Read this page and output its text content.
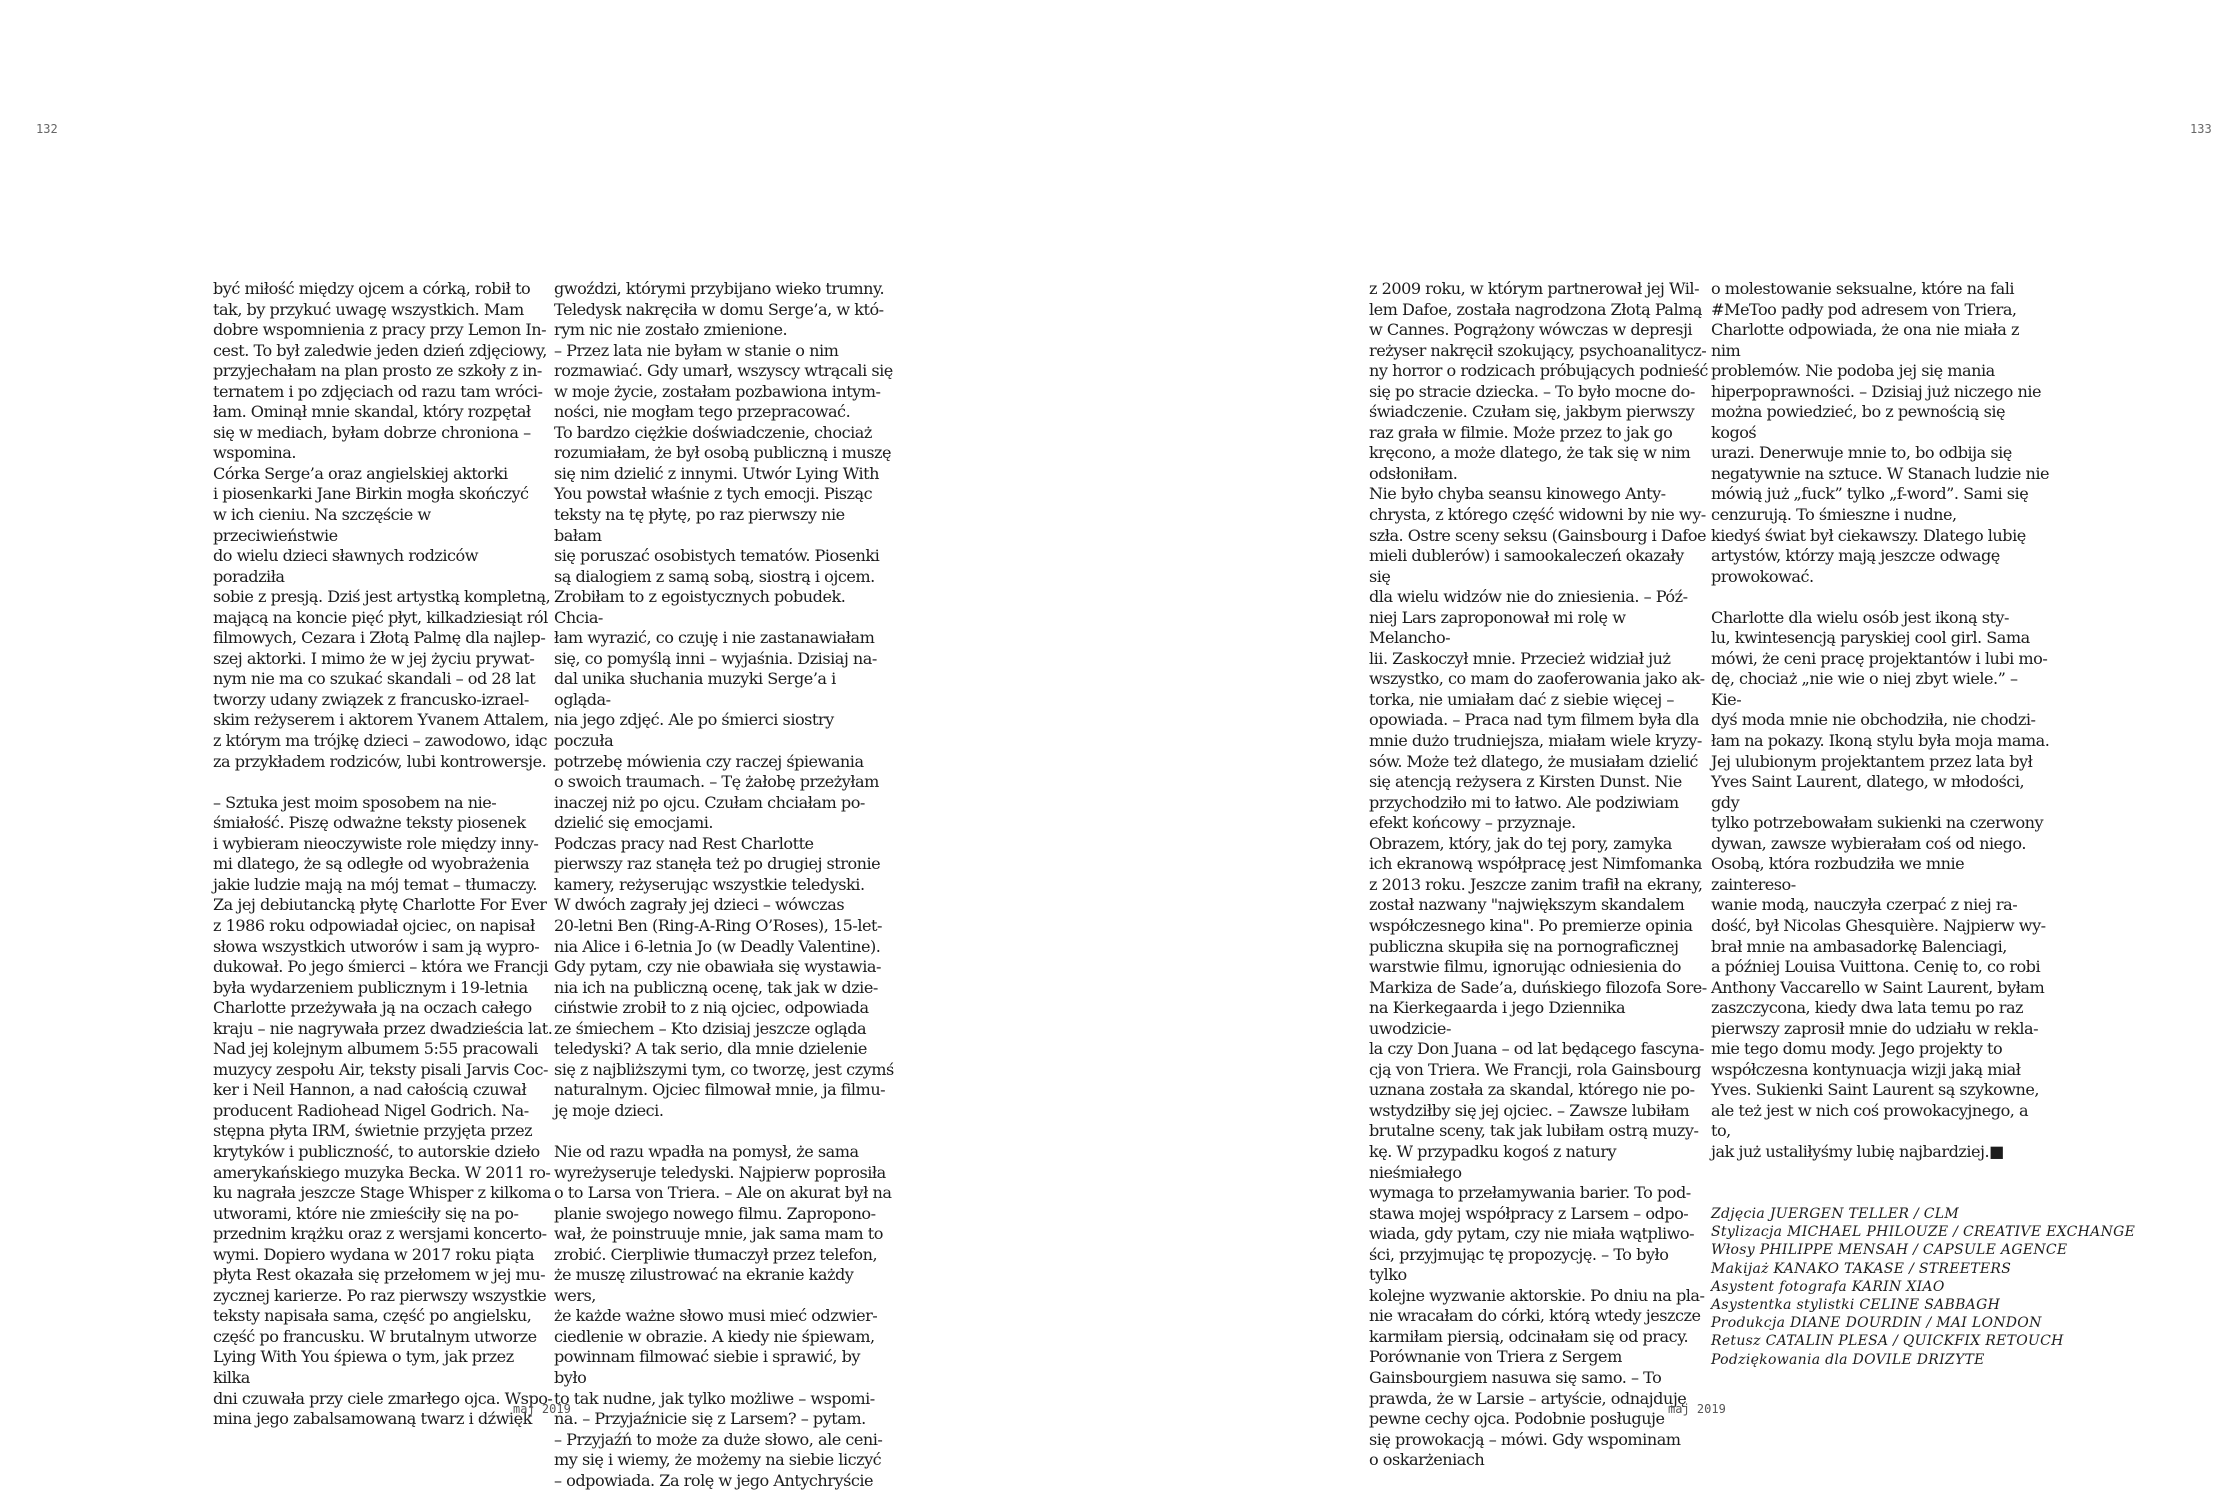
132	133
być miłość między ojcem a córką, robił to
tak, by przykuć uwagę wszystkich. Mam
dobre wspomnienia z pracy przy Lemon In-
cest. To był zaledwie jeden dzień zdjęciowy,
przyjechałam na plan prosto ze szkoły z in-
ternatem i po zdjęciach od razu tam wróci-
łam. Ominął mnie skandal, który rozpętał
się w mediach, byłam dobrze chroniona –
wspomina.
Córka Serge’a oraz angielskiej aktorki
i piosenkarki Jane Birkin mogła skończyć
w ich cieniu. Na szczęście w przeciwieństwie
do wielu dzieci sławnych rodziców poradziła
sobie z presją. Dziś jest artystką kompletną,
mającą na koncie pięć płyt, kilkadziesiąt ról
filmowych, Cezara i Złotą Palmę dla najlep-
szej aktorki. I mimo że w jej życiu prywat-
nym nie ma co szukać skandali – od 28 lat
tworzy udany związek z francusko-izrael-
skim reżyserem i aktorem Yvanem Attalem,
z którym ma trójkę dzieci – zawodowo, idąc
za przykładem rodziców, lubi kontrowersje.

– Sztuka jest moim sposobem na nie-
śmiałość. Piszę odważne teksty piosenek
i wybieram nieoczywiste role między inny-
mi dlatego, że są odległe od wyobrażenia
jakie ludzie mają na mój temat – tłumaczy.
Za jej debiutancką płytę Charlotte For Ever
z 1986 roku odpowiadał ojciec, on napisał
słowa wszystkich utworów i sam ją wypro-
dukował. Po jego śmierci – która we Francji
była wydarzeniem publicznym i 19-letnia
Charlotte przeżywała ją na oczach całego
kraju – nie nagrywała przez dwadzieścia lat.
Nad jej kolejnym albumem 5:55 pracowali
muzycy zespołu Air, teksty pisali Jarvis Coc-
ker i Neil Hannon, a nad całością czuwał
producent Radiohead Nigel Godrich. Na-
stępna płyta IRM, świetnie przyjęta przez
krytyków i publiczność, to autorskie dzieło
amerykańskiego muzyka Becka. W 2011 ro-
ku nagrała jeszcze Stage Whisper z kilkoma
utworami, które nie zmieściły się na po-
przednim krążku oraz z wersjami koncerto-
wymi. Dopiero wydana w 2017 roku piąta
płyta Rest okazała się przełomem w jej mu-
zycznej karierze. Po raz pierwszy wszystkie
teksty napisała sama, część po angielsku,
część po francusku. W brutalnym utworze
Lying With You śpiewa o tym, jak przez kilka
dni czuwała przy ciele zmarłego ojca. Wspo-
mina jego zabalsamowaną twarz i dźwięk
gwoździ, którymi przybijano wieko trumny.
Teledysk nakręciła w domu Serge’a, w któ-
rym nic nie zostało zmienione.
– Przez lata nie byłam w stanie o nim
rozmawiać. Gdy umarł, wszyscy wtrącali się
w moje życie, zostałam pozbawiona intym-
ności, nie mogłam tego przepracować.
To bardzo ciężkie doświadczenie, chociaż
rozumiałam, że był osobą publiczną i muszę
się nim dzielić z innymi. Utwór Lying With
You powstał właśnie z tych emocji. Pisząc
teksty na tę płytę, po raz pierwszy nie bałam
się poruszać osobistych tematów. Piosenki
są dialogiem z samą sobą, siostrą i ojcem.
Zrobiłam to z egoistycznych pobudek. Chcia-
łam wyrazić, co czuję i nie zastanawiałam
się, co pomyślą inni – wyjaśnia. Dzisiaj na-
dal unika słuchania muzyki Serge’a i ogląda-
nia jego zdjęć. Ale po śmierci siostry poczuła
potrzebę mówienia czy raczej śpiewania
o swoich traumach. – Tę żałobę przeżyłam
inaczej niż po ojcu. Czułam chciałam po-
dzielić się emocjami.
Podczas pracy nad Rest Charlotte
pierwszy raz stanęła też po drugiej stronie
kamery, reżyserując wszystkie teledyski.
W dwóch zagrały jej dzieci – wówczas
20-letni Ben (Ring-A-Ring O’Roses), 15-let-
nia Alice i 6-letnia Jo (w Deadly Valentine).
Gdy pytam, czy nie obawiała się wystawia-
nia ich na publiczną ocenę, tak jak w dzie-
ciństwie zrobił to z nią ojciec, odpowiada
ze śmiechem – Kto dzisiaj jeszcze ogląda
teledyski? A tak serio, dla mnie dzielenie
się z najbliższymi tym, co tworzę, jest czymś
naturalnym. Ojciec filmował mnie, ja filmu-
ję moje dzieci.

Nie od razu wpadła na pomysł, że sama
wyreżyseruje teledyski. Najpierw poprosiła
o to Larsa von Triera. – Ale on akurat był na
planie swojego nowego filmu. Zapropono-
wał, że poinstruuje mnie, jak sama mam to
zrobić. Cierpliwie tłumaczył przez telefon,
że muszę zilustrować na ekranie każdy wers,
że każde ważne słowo musi mieć odzwier-
ciedlenie w obrazie. A kiedy nie śpiewam,
powinnam filmować siebie i sprawić, by było
to tak nudne, jak tylko możliwe – wspomi-
na. – Przyjaźnicie się z Larsem? – pytam.
– Przyjaźń to może za duże słowo, ale ceni-
my się i wiemy, że możemy na siebie liczyć
– odpowiada. Za rolę w jego Antychryście
z 2009 roku, w którym partnerował jej Wil-
lem Dafoe, została nagrodzona Złotą Palmą
w Cannes. Pogrążony wówczas w depresji
reżyser nakręcił szokujący, psychoanalitycz-
ny horror o rodzicach próbujących podnieść
się po stracie dziecka. – To było mocne do-
świadczenie. Czułam się, jakbym pierwszy
raz grała w filmie. Może przez to jak go
kręcono, a może dlatego, że tak się w nim
odsłoniłam.
Nie było chyba seansu kinowego Anty-
chrysta, z którego część widowni by nie wy-
szła. Ostre sceny seksu (Gainsbourg i Dafoe
mieli dublerów) i samookaleczeń okazały się
dla wielu widzów nie do zniesienia. – Póź-
niej Lars zaproponował mi rolę w Melancho-
lii. Zaskoczył mnie. Przecież widział już
wszystko, co mam do zaoferowania jako ak-
torka, nie umiałam dać z siebie więcej –
opowiada. – Praca nad tym filmem była dla
mnie dużo trudniejsza, miałam wiele kryzy-
sów. Może też dlatego, że musiałam dzielić
się atencją reżysera z Kirsten Dunst. Nie
przychodziło mi to łatwo. Ale podziwiam
efekt końcowy – przyznaje.
Obrazem, który, jak do tej pory, zamyka
ich ekranową współpracę jest Nimfomanka
z 2013 roku. Jeszcze zanim trafił na ekrany,
został nazwany "największym skandalem
współczesnego kina". Po premierze opinia
publiczna skupiła się na pornograficznej
warstwie filmu, ignorując odniesienia do
Markiza de Sade’a, duńskiego filozofa Sore-
na Kierkegaarda i jego Dziennika uwodzicie-
la czy Don Juana – od lat będącego fascyna-
cją von Triera. We Francji, rola Gainsbourg
uznana została za skandal, którego nie po-
wstydziłby się jej ojciec. – Zawsze lubiłam
brutalne sceny, tak jak lubiłam ostrą muzy-
kę. W przypadku kogoś z natury nieśmiałego
wymaga to przełamywania barier. To pod-
stawa mojej współpracy z Larsem – odpo-
wiada, gdy pytam, czy nie miała wątpliwo-
ści, przyjmując tę propozycję. – To było tylko
kolejne wyzwanie aktorskie. Po dniu na pla-
nie wracałam do córki, którą wtedy jeszcze
karmiłam piersią, odcinałam się od pracy.
Porównanie von Triera z Sergem
Gainsbourgiem nasuwa się samo. – To
prawda, że w Larsie – artyście, odnajduję
pewne cechy ojca. Podobnie posługuje
się prowokacją – mówi. Gdy wspominam
o oskarżeniach
o molestowanie seksualne, które na fali
#MeToo padły pod adresem von Triera,
Charlotte odpowiada, że ona nie miała z nim
problemów. Nie podoba jej się mania
hiperpoprawności. – Dzisiaj już niczego nie
można powiedzieć, bo z pewnością się kogoś
urazi. Denerwuje mnie to, bo odbija się
negatywnie na sztuce. W Stanach ludzie nie
mówią już „fuck” tylko „f-word”. Sami się
cenzurują. To śmieszne i nudne,
kiedyś świat był ciekawszy. Dlatego lubię
artystów, którzy mają jeszcze odwagę
prowokować.

Charlotte dla wielu osób jest ikoną sty-
lu, kwintesencją paryskiej cool girl. Sama
mówi, że ceni pracę projektantów i lubi mo-
dę, chociaż „nie wie o niej zbyt wiele.” – Kie-
dyś moda mnie nie obchodziła, nie chodzi-
łam na pokazy. Ikoną stylu była moja mama.
Jej ulubionym projektantem przez lata był
Yves Saint Laurent, dlatego, w młodości, gdy
tylko potrzebowałam sukienki na czerwony
dywan, zawsze wybierałam coś od niego.
Osobą, która rozbudziła we mnie zaintereso-
wanie modą, nauczyła czerpać z niej ra-
dość, był Nicolas Ghesquière. Najpierw wy-
brał mnie na ambasadorkę Balenciagi,
a później Louisa Vuittona. Cenię to, co robi
Anthony Vaccarello w Saint Laurent, byłam
zaszczycona, kiedy dwa lata temu po raz
pierwszy zaprosił mnie do udziału w rekla-
mie tego domu mody. Jego projekty to
współczesna kontynuacja wizji jaką miał
Yves. Sukienki Saint Laurent są szykowne,
ale też jest w nich coś prowokacyjnego, a to,
jak już ustaliłyśmy lubię najbardziej.■
Zdjęcia JUERGEN TELLER / CLM
Stylizacja MICHAEL PHILOUZE / CREATIVE EXCHANGE
Włosy PHILIPPE MENSAH / CAPSULE AGENCE
Makijaż KANAKO TAKASE / STREETERS
Asystent fotografa KARIN XIAO
Asystentka stylistki CELINE SABBAGH
Produkcja DIANE DOURDIN / MAI LONDON
Retusz CATALIN PLESA / QUICKFIX RETOUCH
Podziękowania dla DOVILE DRIZYTE
maj 2019	maj 2019
